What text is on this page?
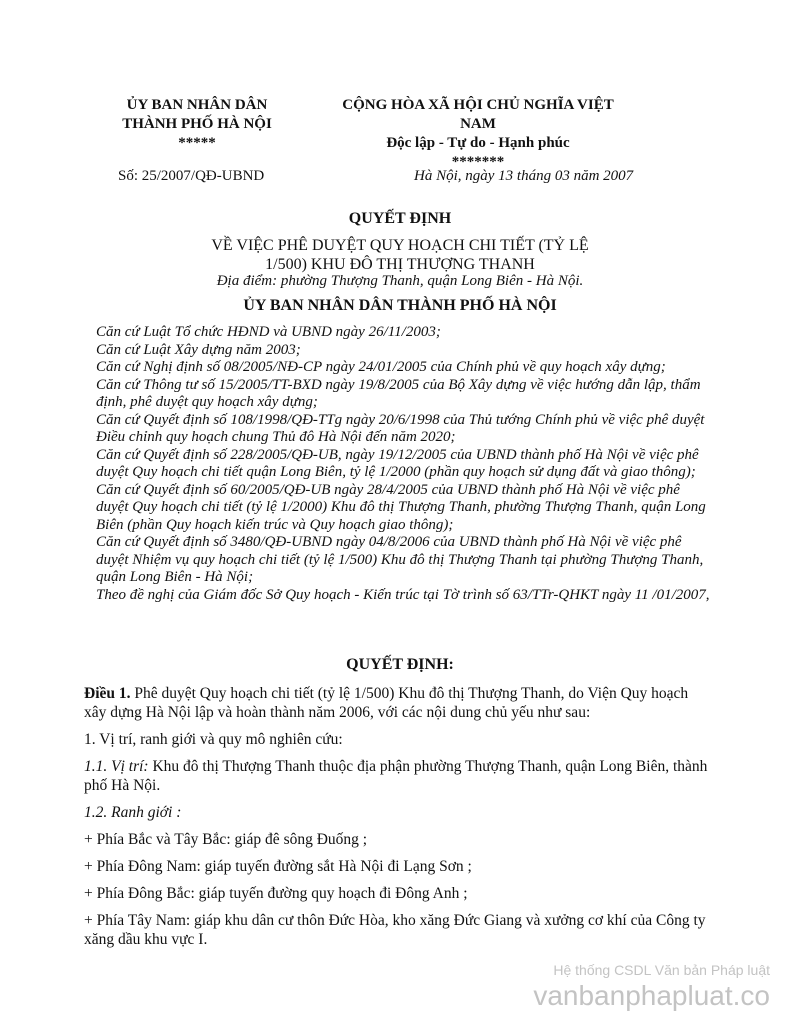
ỦY BAN NHÂN DÂN
THÀNH PHỐ HÀ NỘI
*****
CỘNG HÒA XÃ HỘI CHỦ NGHĨA VIỆT
NAM
Độc lập - Tự do - Hạnh phúc
*******
Số: 25/2007/QĐ-UBND	Hà Nội, ngày 13 tháng 03 năm 2007
QUYẾT ĐỊNH
VỀ VIỆC PHÊ DUYỆT QUY HOẠCH CHI TIẾT (TỶ LỆ 1/500) KHU ĐÔ THỊ THƯỢNG THANH
Địa điểm: phường Thượng Thanh, quận Long Biên - Hà Nội.
ỦY BAN NHÂN DÂN THÀNH PHỐ HÀ NỘI
Căn cứ Luật Tổ chức HĐND và UBND ngày 26/11/2003;
Căn cứ Luật Xây dựng năm 2003;
Căn cứ Nghị định số 08/2005/NĐ-CP ngày 24/01/2005 của Chính phủ về quy hoạch xây dựng;
Căn cứ Thông tư số 15/2005/TT-BXD ngày 19/8/2005 của Bộ Xây dựng về việc hướng dẫn lập, thẩm định, phê duyệt quy hoạch xây dựng;
Căn cứ Quyết định số 108/1998/QĐ-TTg ngày 20/6/1998 của Thủ tướng Chính phủ về việc phê duyệt Điều chỉnh quy hoạch chung Thủ đô Hà Nội đến năm 2020;
Căn cứ Quyết định số 228/2005/QĐ-UB, ngày 19/12/2005 của UBND thành phố Hà Nội về việc phê duyệt Quy hoạch chi tiết quận Long Biên, tỷ lệ 1/2000 (phần quy hoạch sử dụng đất và giao thông);
Căn cứ Quyết định số 60/2005/QĐ-UB ngày 28/4/2005 của UBND thành phố Hà Nội về việc phê duyệt Quy hoạch chi tiết (tỷ lệ 1/2000) Khu đô thị Thượng Thanh, phường Thượng Thanh, quận Long Biên (phần Quy hoạch kiến trúc và Quy hoạch giao thông);
Căn cứ Quyết định số 3480/QĐ-UBND ngày 04/8/2006 của UBND thành phố Hà Nội về việc phê duyệt Nhiệm vụ quy hoạch chi tiết (tỷ lệ 1/500) Khu đô thị Thượng Thanh tại phường Thượng Thanh, quận Long Biên - Hà Nội;
Theo đề nghị của Giám đốc Sở Quy hoạch - Kiến trúc tại Tờ trình số 63/TTr-QHKT ngày 11 /01/2007,
QUYẾT ĐỊNH:

Điều 1. Phê duyệt Quy hoạch chi tiết (tỷ lệ 1/500) Khu đô thị Thượng Thanh, do Viện Quy hoạch xây dựng Hà Nội lập và hoàn thành năm 2006, với các nội dung chủ yếu như sau:

1. Vị trí, ranh giới và quy mô nghiên cứu:

1.1. Vị trí: Khu đô thị Thượng Thanh thuộc địa phận phường Thượng Thanh, quận Long Biên, thành phố Hà Nội.

1.2. Ranh giới :

+ Phía Bắc và Tây Bắc: giáp đê sông Đuống ;

+ Phía Đông Nam: giáp tuyến đường sắt Hà Nội đi Lạng Sơn ;

+ Phía Đông Bắc: giáp tuyến đường quy hoạch đi Đông Anh ;

+ Phía Tây Nam: giáp khu dân cư thôn Đức Hòa, kho xăng Đức Giang và xưởng cơ khí của Công ty xăng dầu khu vực I.

Hệ thống CSDL Văn bản Pháp luật
vanbanphapluat.co
